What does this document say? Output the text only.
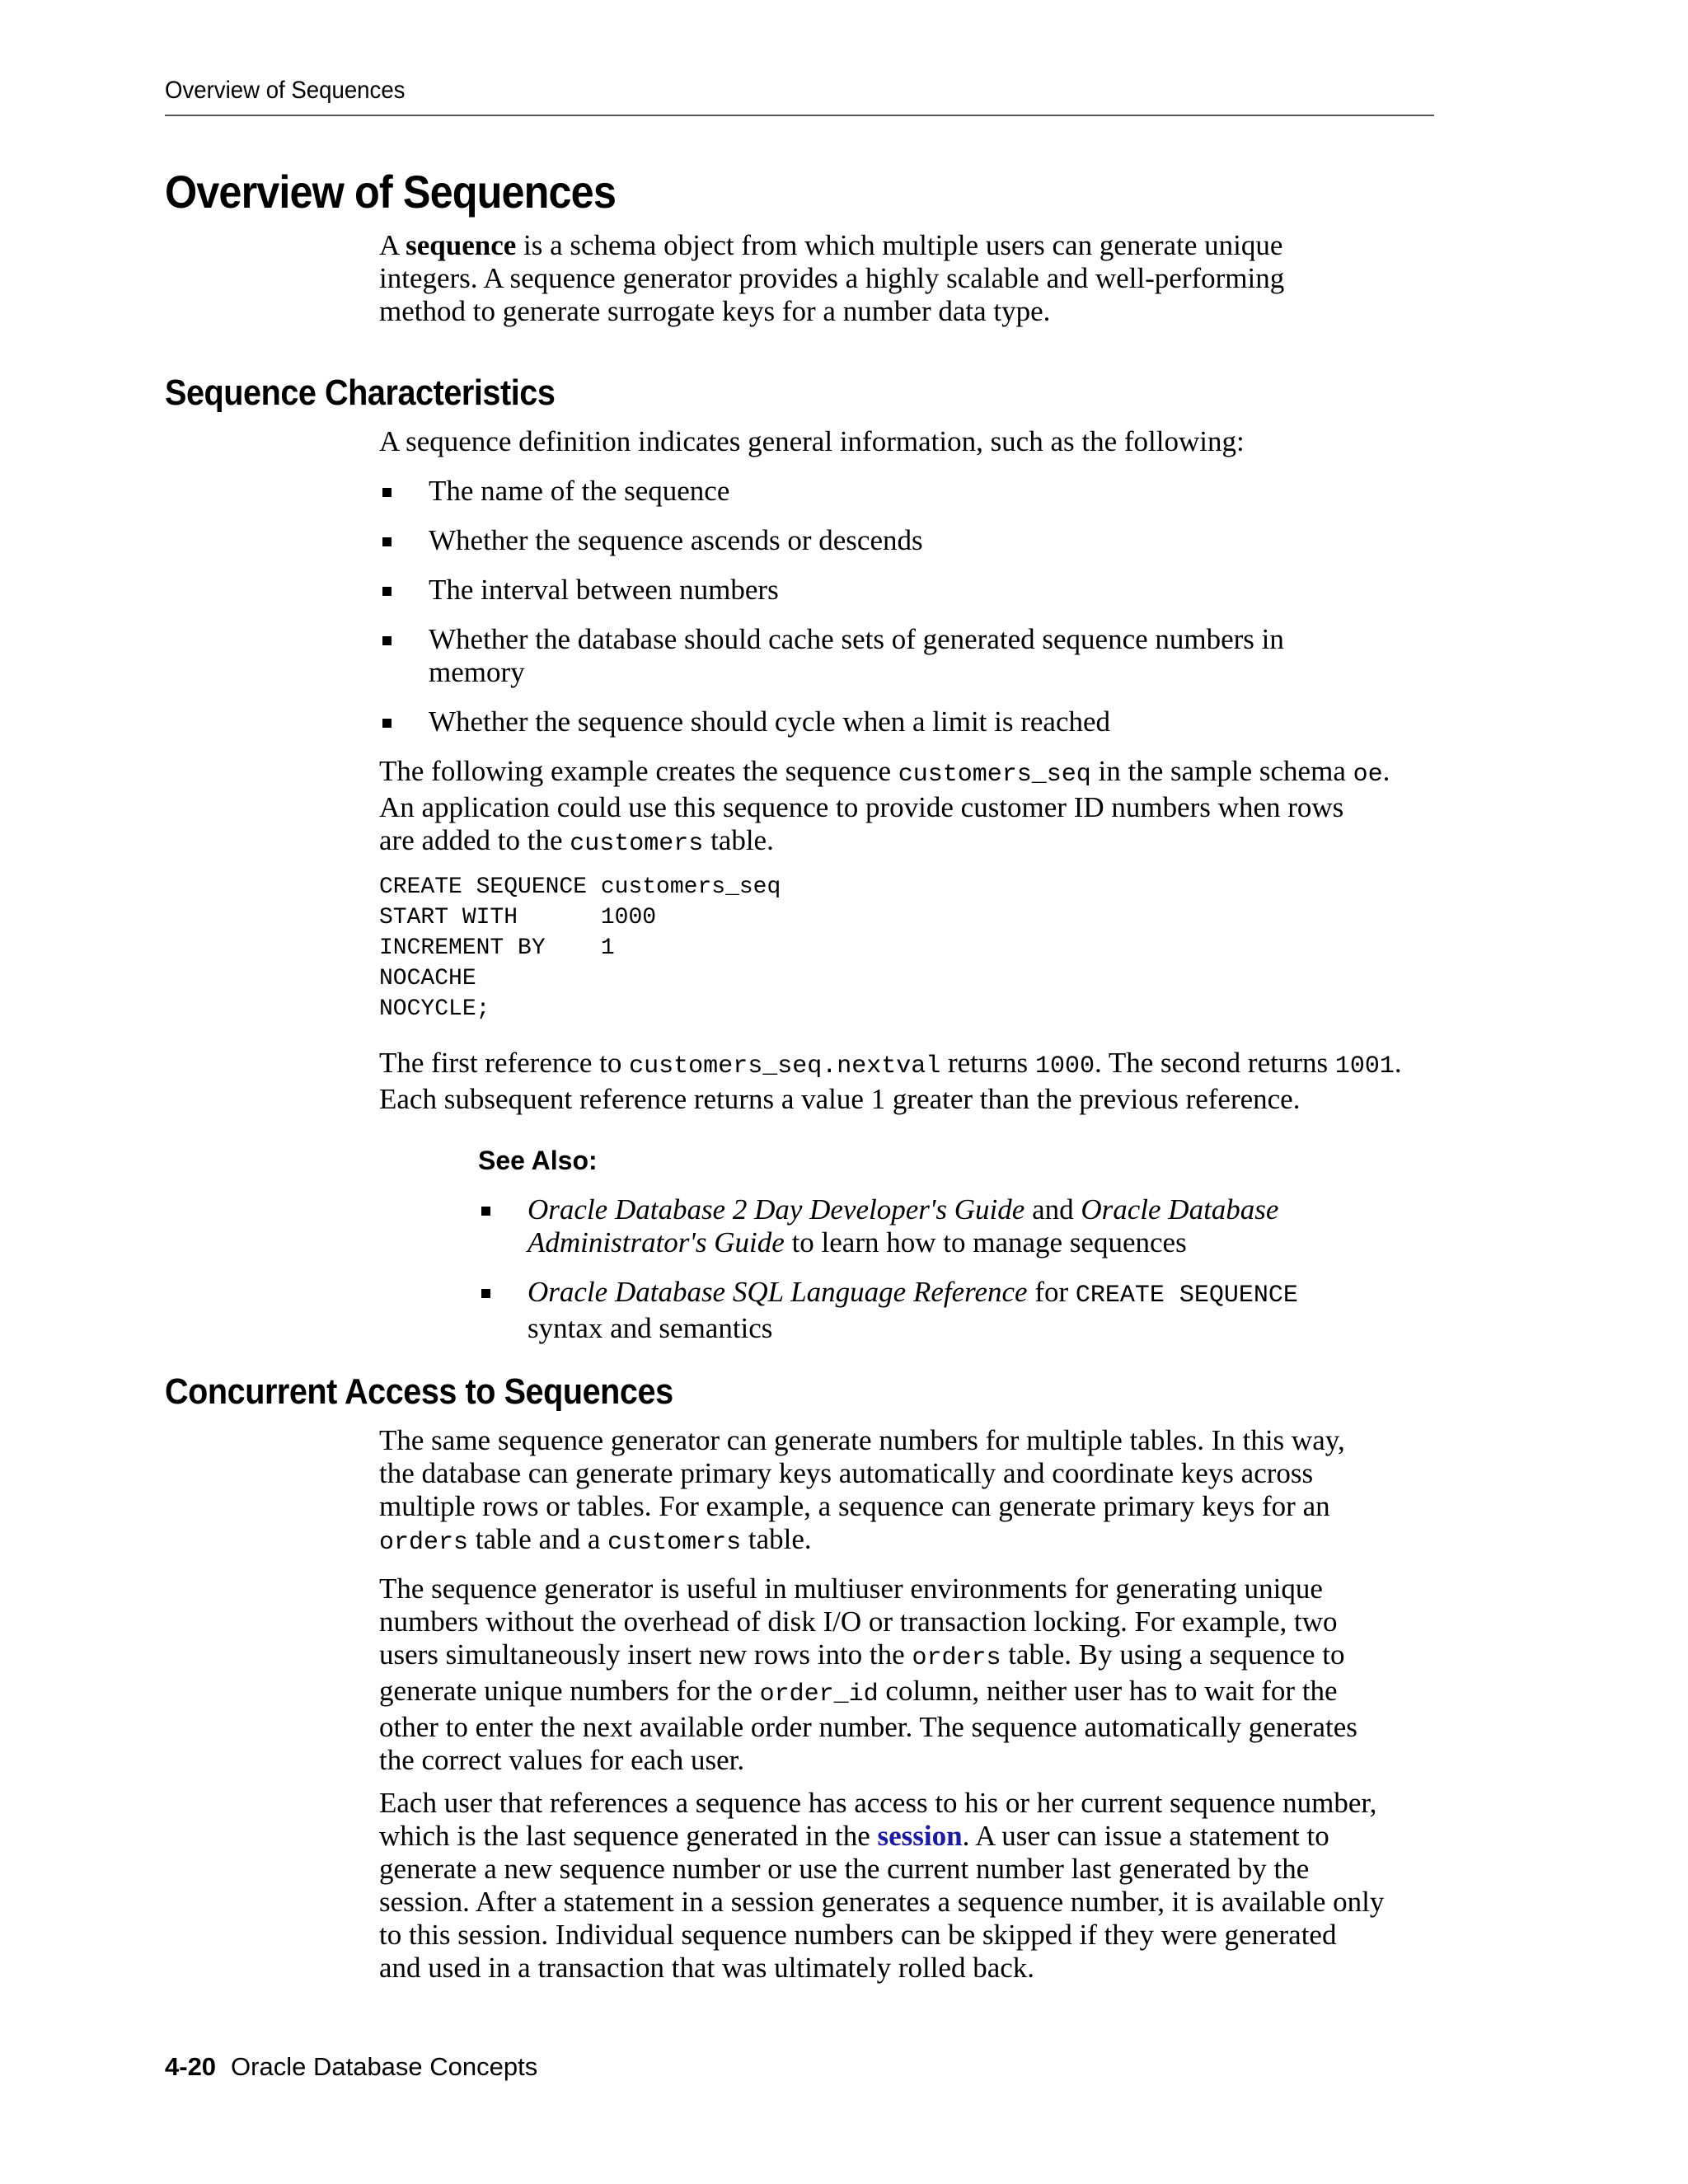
Overview of Sequences
Overview of Sequences

A sequence is a schema object from which multiple users can generate unique
integers. A sequence generator provides a highly scalable and well-performing
method to generate surrogate keys for a number data type.

Sequence Characteristics

A sequence definition indicates general information, such as the following:

The name of the sequence
Whether the sequence ascends or descends
The interval between numbers
Whether the database should cache sets of generated sequence numbers in
memory
Whether the sequence should cycle when a limit is reached

The following example creates the sequence customers_seq in the sample schema oe.
An application could use this sequence to provide customer ID numbers when rows
are added to the customers table.

CREATE SEQUENCE customers_seq
START WITH      1000
INCREMENT BY    1
NOCACHE
NOCYCLE;

The first reference to customers_seq.nextval returns 1000. The second returns 1001.
Each subsequent reference returns a value 1 greater than the previous reference.

See Also:
Oracle Database 2 Day Developer's Guide and Oracle Database
Administrator's Guide to learn how to manage sequences
Oracle Database SQL Language Reference for CREATE SEQUENCE
syntax and semantics
Concurrent Access to Sequences

The same sequence generator can generate numbers for multiple tables. In this way,
the database can generate primary keys automatically and coordinate keys across
multiple rows or tables. For example, a sequence can generate primary keys for an
orders table and a customers table.

The sequence generator is useful in multiuser environments for generating unique
numbers without the overhead of disk I/O or transaction locking. For example, two
users simultaneously insert new rows into the orders table. By using a sequence to
generate unique numbers for the order_id column, neither user has to wait for the
other to enter the next available order number. The sequence automatically generates
the correct values for each user.

Each user that references a sequence has access to his or her current sequence number,
which is the last sequence generated in the session. A user can issue a statement to
generate a new sequence number or use the current number last generated by the
session. After a statement in a session generates a sequence number, it is available only
to this session. Individual sequence numbers can be skipped if they were generated
and used in a transaction that was ultimately rolled back.

4-20 Oracle Database Concepts
